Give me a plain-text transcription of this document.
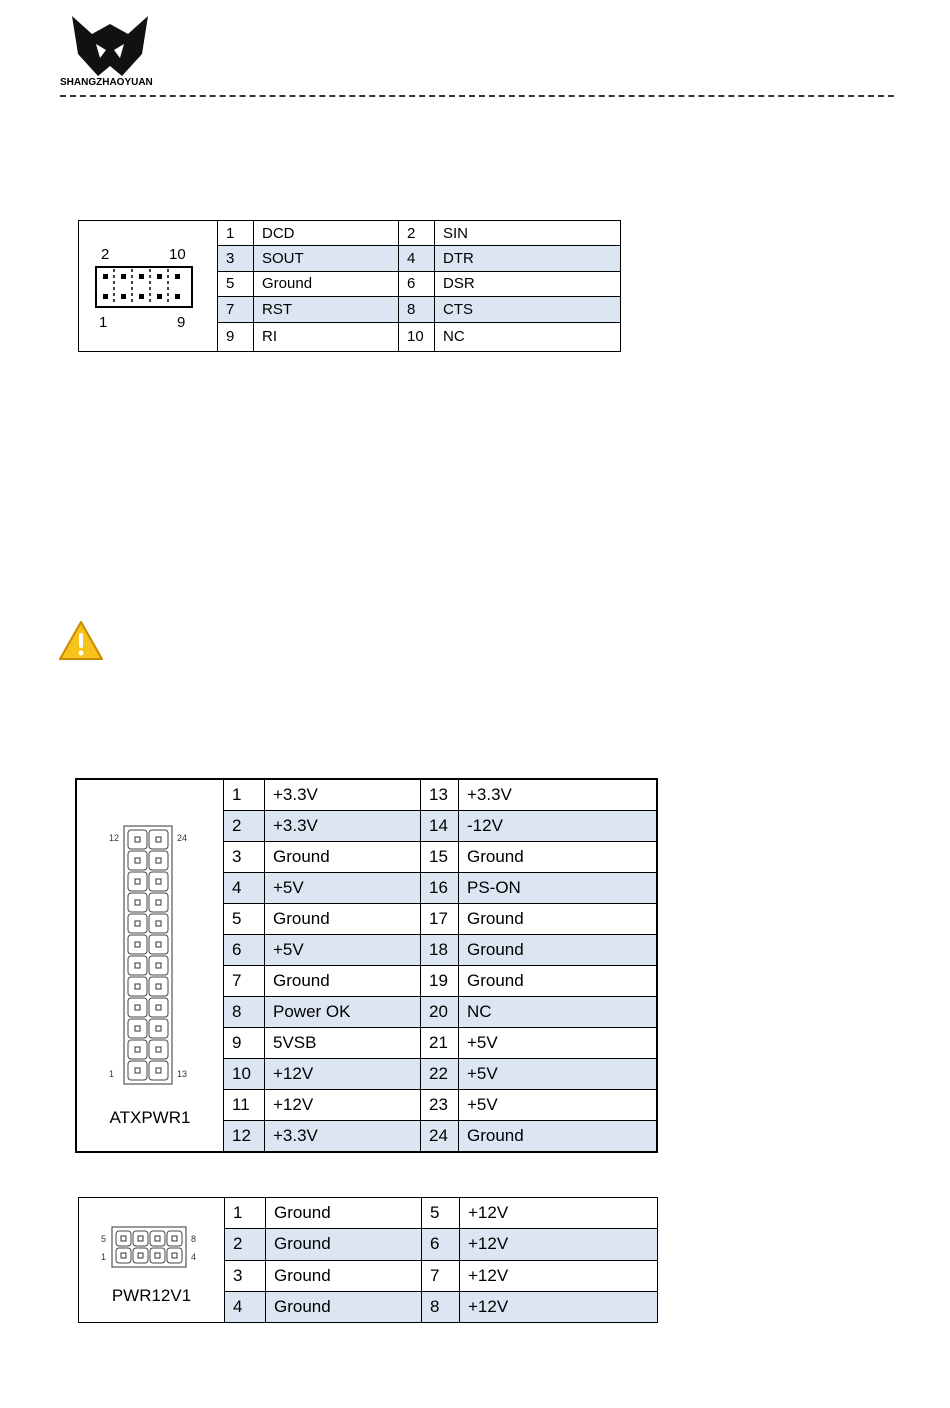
SHANGZHAOYUAN
2 10
1 9	1	DCD	2	SIN
	3	SOUT	4	DTR
	5	Ground	6	DSR
	7	RST	8	CTS
	9	RI	10	NC
12 24
1 13
ATXPWR1	1	+3.3V	13	+3.3V
	2	+3.3V	14	-12V
	3	Ground	15	Ground
	4	+5V	16	PS-ON
	5	Ground	17	Ground
	6	+5V	18	Ground
	7	Ground	19	Ground
	8	Power OK	20	NC
	9	5VSB	21	+5V
	10	+12V	22	+5V
	11	+12V	23	+5V
	12	+3.3V	24	Ground
5 8
1 4
PWR12V1	1	Ground	5	+12V
	2	Ground	6	+12V
	3	Ground	7	+12V
	4	Ground	8	+12V
